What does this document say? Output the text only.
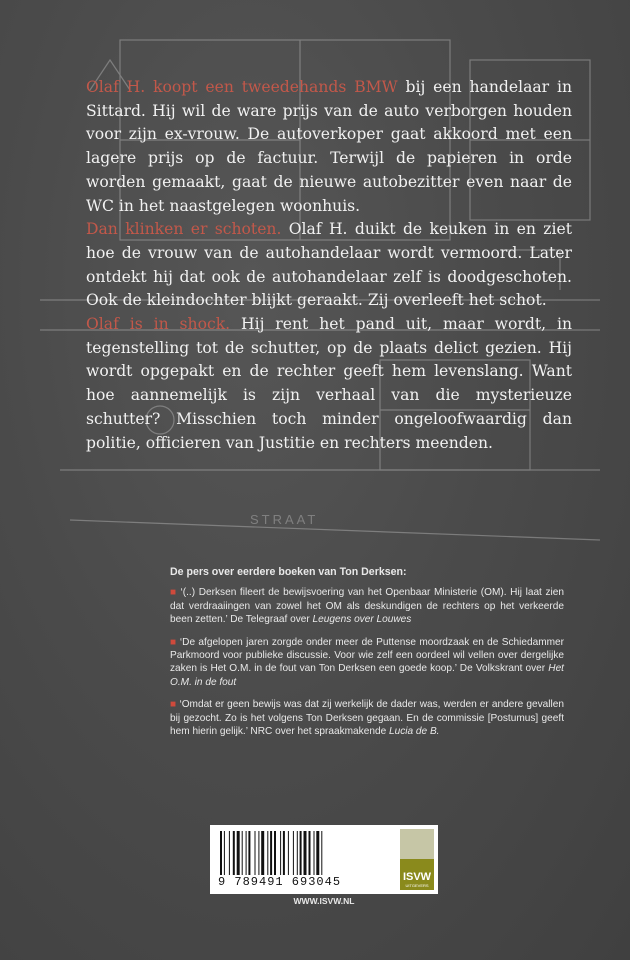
STRAAT

Olaf H. koopt een tweedehands BMW bij een handelaar in Sittard. Hij wil de ware prijs van de auto verborgen houden voor zijn ex-vrouw. De autoverkoper gaat akkoord met een lagere prijs op de factuur. Terwijl de papieren in orde worden gemaakt, gaat de nieuwe autobezitter even naar de WC in het naastgelegen woonhuis.

Dan klinken er schoten. Olaf H. duikt de keuken in en ziet hoe de vrouw van de autohandelaar wordt vermoord. Later ontdekt hij dat ook de autohandelaar zelf is doodgeschoten. Ook de kleindochter blijkt geraakt. Zij overleeft het schot.

Olaf is in shock. Hij rent het pand uit, maar wordt, in tegenstelling tot de schutter, op de plaats delict gezien. Hij wordt opgepakt en de rechter geeft hem levenslang. Want hoe aannemelijk is zijn verhaal van die mysterieuze schutter? Misschien toch minder ongeloofwaardig dan politie, officieren van Justitie en rechters meenden.

De pers over eerdere boeken van Ton Derksen:

■ ‘(..) Derksen fileert de bewijsvoering van het Openbaar Ministerie (OM). Hij laat zien dat verdraaiingen van zowel het OM als deskundigen de rechters op het verkeerde been zetten.’ De Telegraaf over Leugens over Louwes

■ ‘De afgelopen jaren zorgde onder meer de Puttense moordzaak en de Schiedammer Parkmoord voor publieke discussie. Voor wie zelf een oordeel wil vellen over dergelijke zaken is Het O.M. in de fout van Ton Derksen een goede koop.’ De Volkskrant over Het O.M. in de fout

■ ‘Omdat er geen bewijs was dat zij werkelijk de dader was, werden er andere gevallen bij gezocht. Zo is het volgens Ton Derksen gegaan. En de commissie [Postumus] geeft hem hierin gelijk.’ NRC over het spraakmakende Lucia de B.

9 789491 693045	ISVW
UITGEVERS
WWW.ISVW.NL
